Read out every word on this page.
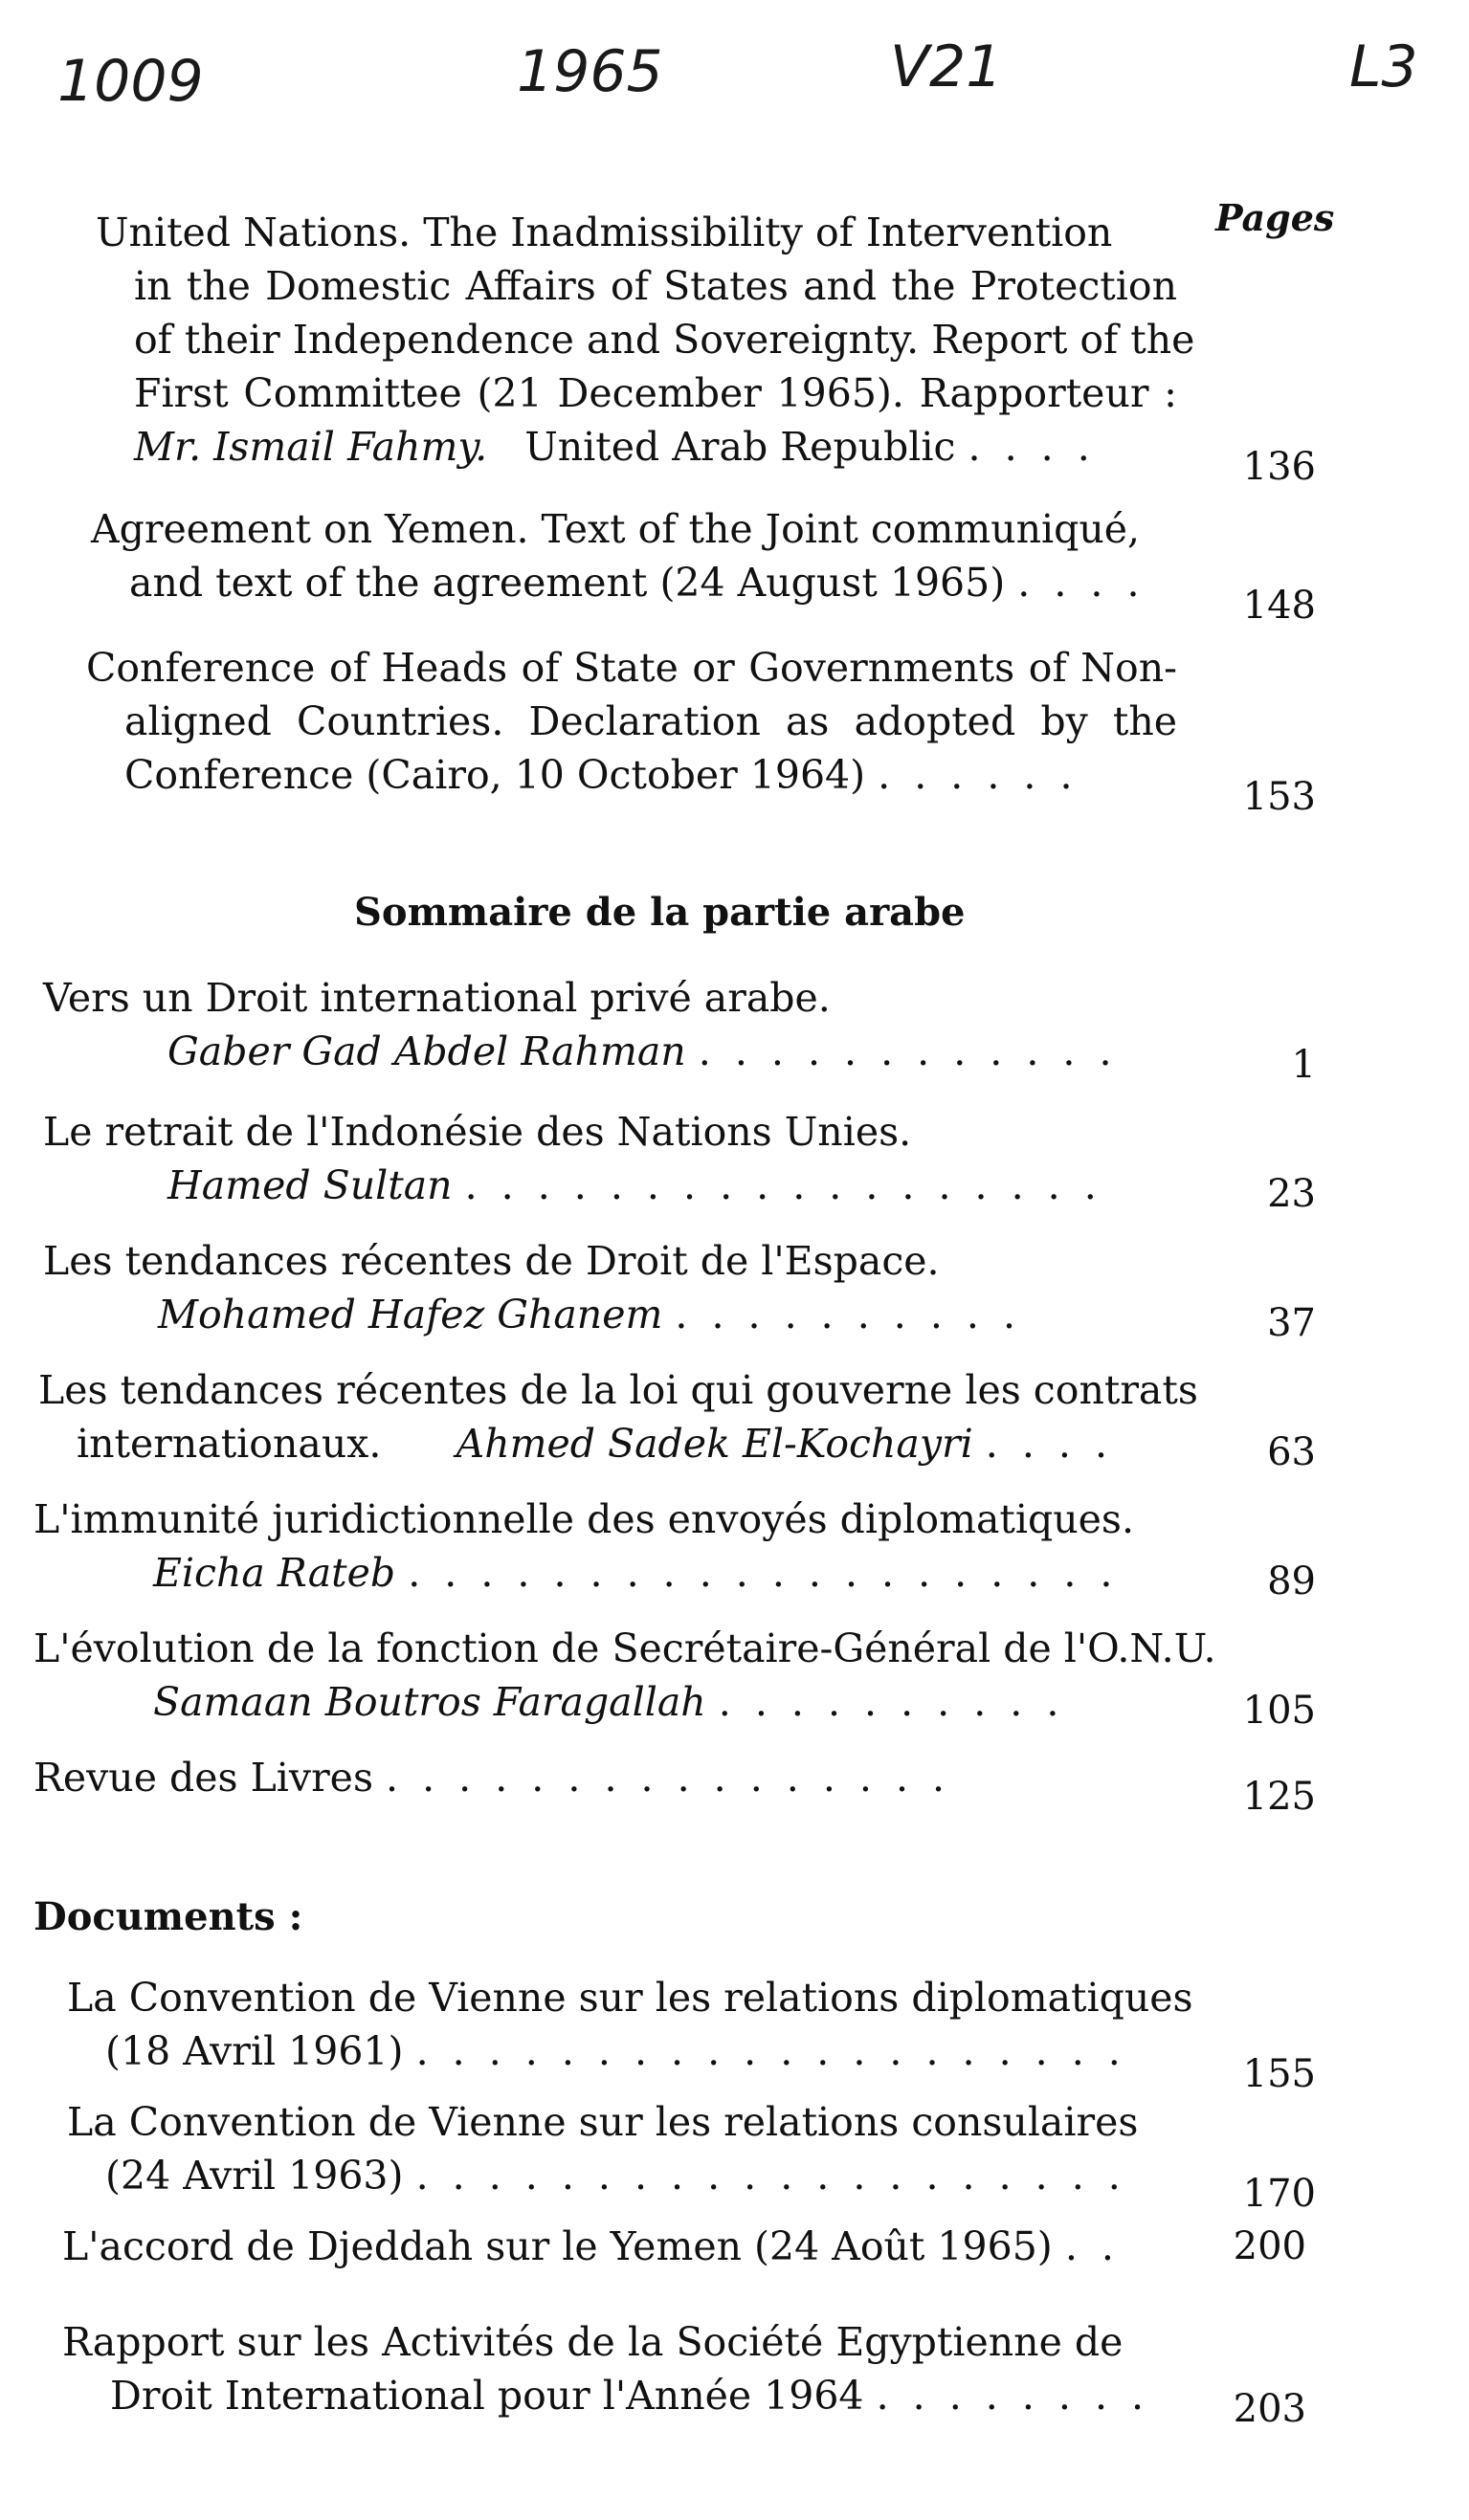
1009	1965	V21	L3
Pages
United Nations. The Inadmissibility of Intervention
in the Domestic Affairs of States and the Protection
of their Independence and Sovereignty. Report of the
First Committee (21 December 1965). Rapporteur :
Mr. Ismail Fahmy. United Arab Republic . . . .	136
Agreement on Yemen. Text of the Joint communiqué,
and text of the agreement (24 August 1965) . . . .	148
Conference of Heads of State or Governments of Non-
aligned Countries. Declaration as adopted by the
Conference (Cairo, 10 October 1964) . . . . . .	153
Sommaire de la partie arabe
Vers un Droit international privé arabe.
Gaber Gad Abdel Rahman . . . . . . . . . . . .	1
Le retrait de l'Indonésie des Nations Unies.
Hamed Sultan . . . . . . . . . . . . . . . . . .	23
Les tendances récentes de Droit de l'Espace.
Mohamed Hafez Ghanem . . . . . . . . . .	37
Les tendances récentes de la loi qui gouverne les contrats
internationaux. Ahmed Sadek El-Kochayri . . . .	63
L'immunité juridictionnelle des envoyés diplomatiques.
Eicha Rateb . . . . . . . . . . . . . . . . . . . .	89
L'évolution de la fonction de Secrétaire-Général de l'O.N.U.
Samaan Boutros Faragallah . . . . . . . . . .	105
Revue des Livres . . . . . . . . . . . . . . . .	125
Documents :
La Convention de Vienne sur les relations diplomatiques
(18 Avril 1961) . . . . . . . . . . . . . . . . . . . .	155
La Convention de Vienne sur les relations consulaires
(24 Avril 1963) . . . . . . . . . . . . . . . . . . . .	170
L'accord de Djeddah sur le Yemen (24 Août 1965) . .	200
Rapport sur les Activités de la Société Egyptienne de
Droit International pour l'Année 1964 . . . . . . . .	203
